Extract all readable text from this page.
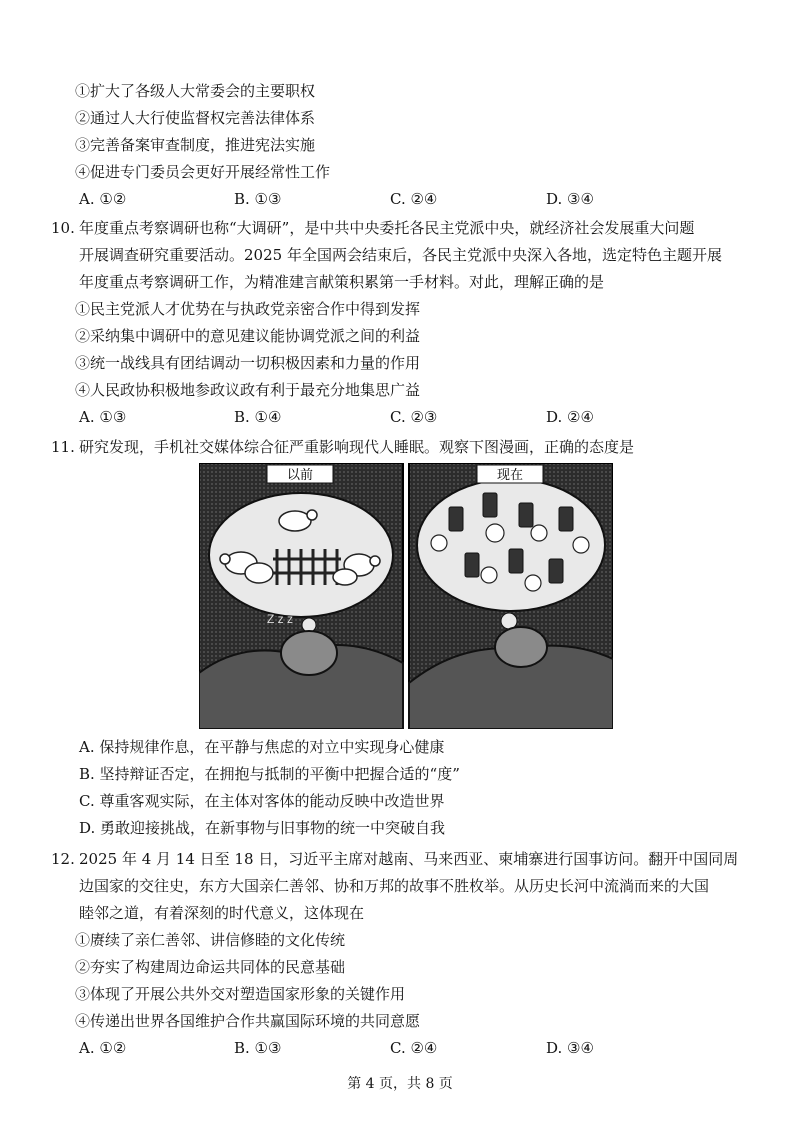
①扩大了各级人大常委会的主要职权
②通过人大行使监督权完善法律体系
③完善备案审查制度，推进宪法实施
④促进专门委员会更好开展经常性工作
A. ①②	B. ①③	C. ②④	D. ③④
10. 年度重点考察调研也称“大调研”，是中共中央委托各民主党派中央，就经济社会发展重大问题
开展调查研究重要活动。2025 年全国两会结束后，各民主党派中央深入各地，选定特色主题开展
年度重点考察调研工作，为精准建言献策积累第一手材料。对此，理解正确的是
①民主党派人才优势在与执政党亲密合作中得到发挥
②采纳集中调研中的意见建议能协调党派之间的利益
③统一战线具有团结调动一切积极因素和力量的作用
④人民政协积极地参政议政有利于最充分地集思广益
A. ①③	B. ①④	C. ②③	D. ②④
11. 研究发现，手机社交媒体综合征严重影响现代人睡眠。观察下图漫画，正确的态度是
Z z z
以前	现在
A. 保持规律作息，在平静与焦虑的对立中实现身心健康
B. 坚持辩证否定，在拥抱与抵制的平衡中把握合适的“度”
C. 尊重客观实际，在主体对客体的能动反映中改造世界
D. 勇敢迎接挑战，在新事物与旧事物的统一中突破自我
12. 2025 年 4 月 14 日至 18 日，习近平主席对越南、马来西亚、柬埔寨进行国事访问。翻开中国同周
边国家的交往史，东方大国亲仁善邻、协和万邦的故事不胜枚举。从历史长河中流淌而来的大国
睦邻之道，有着深刻的时代意义，这体现在
①赓续了亲仁善邻、讲信修睦的文化传统
②夯实了构建周边命运共同体的民意基础
③体现了开展公共外交对塑造国家形象的关键作用
④传递出世界各国维护合作共赢国际环境的共同意愿
A. ①②	B. ①③	C. ②④	D. ③④
第 4 页，共 8 页
